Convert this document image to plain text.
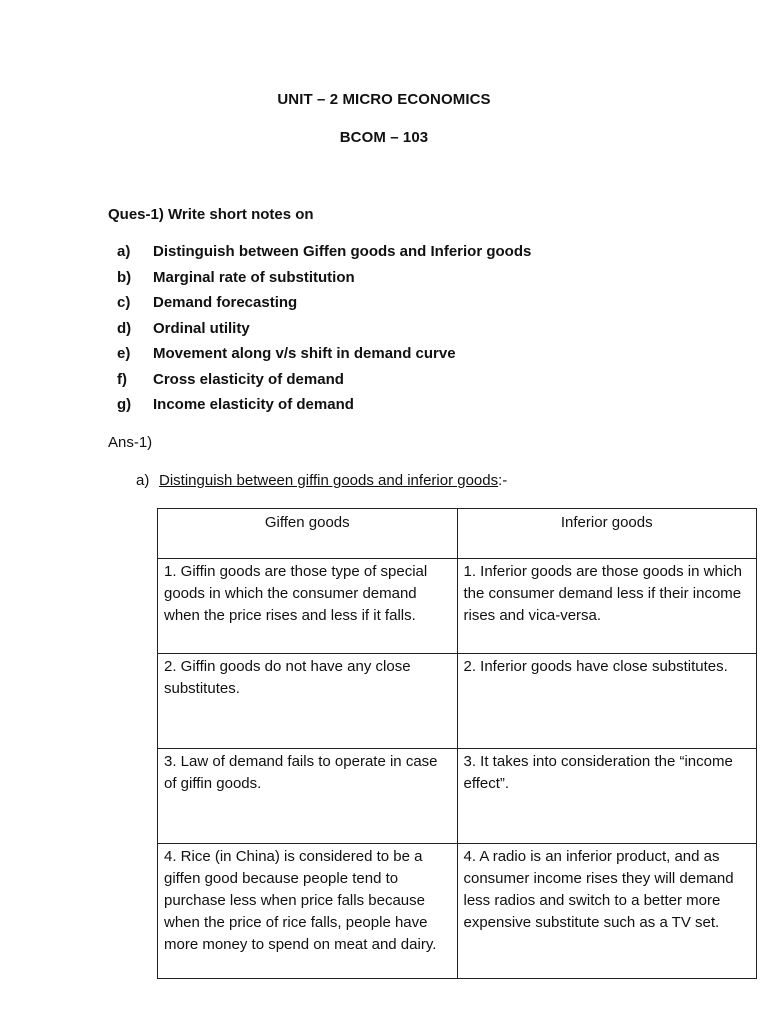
UNIT – 2 MICRO ECONOMICS
BCOM – 103
Ques-1) Write short notes on
a) Distinguish between Giffen goods and Inferior goods
b) Marginal rate of substitution
c) Demand forecasting
d) Ordinal utility
e) Movement along v/s shift in demand curve
f) Cross elasticity of demand
g) Income elasticity of demand
Ans-1)
a) Distinguish between giffin goods and inferior goods:-
Giffen goods	Inferior goods
1. Giffin goods are those type of special goods in which the consumer demand when the price rises and less if it falls.	1. Inferior goods are those goods in which the consumer demand less if their income rises and vica-versa.
2. Giffin goods do not have any close substitutes.	2. Inferior goods have close substitutes.
3. Law of demand fails to operate in case of giffin goods.	3. It takes into consideration the “income effect”.
4. Rice (in China) is considered to be a giffen good because people tend to purchase less when price falls because when the price of rice falls, people have more money to spend on meat and dairy.	4. A radio is an inferior product, and as consumer income rises they will demand less radios and switch to a better more expensive substitute such as a TV set.
